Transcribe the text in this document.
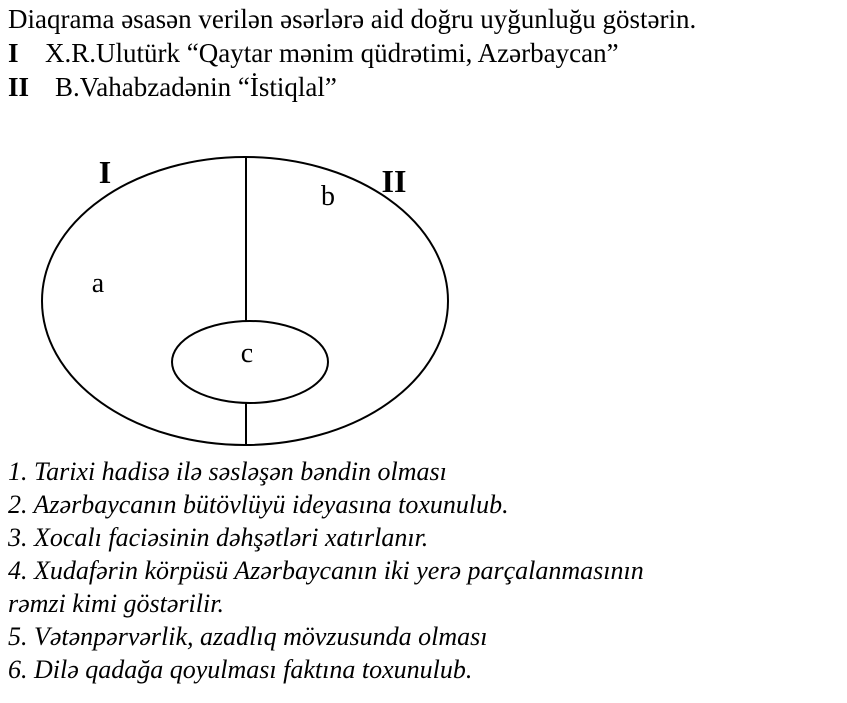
Diaqrama əsasən verilən əsərlərə aid doğru uyğunluğu göstərin.
I X.R.Ulutürk “Qaytar mənim qüdrətimi, Azərbaycan”
II B.Vahabzadənin “İstiqlal”
I	II
a
b
c
1. Tarixi hadisə ilə səsləşən bəndin olması
2. Azərbaycanın bütövlüyü ideyasına toxunulub.
3. Xocalı faciəsinin dəhşətləri xatırlanır.
4. Xudafərin körpüsü Azərbaycanın iki yerə parçalanmasının
rəmzi kimi göstərilir.
5. Vətənpərvərlik, azadlıq mövzusunda olması
6. Dilə qadağa qoyulması faktına toxunulub.
